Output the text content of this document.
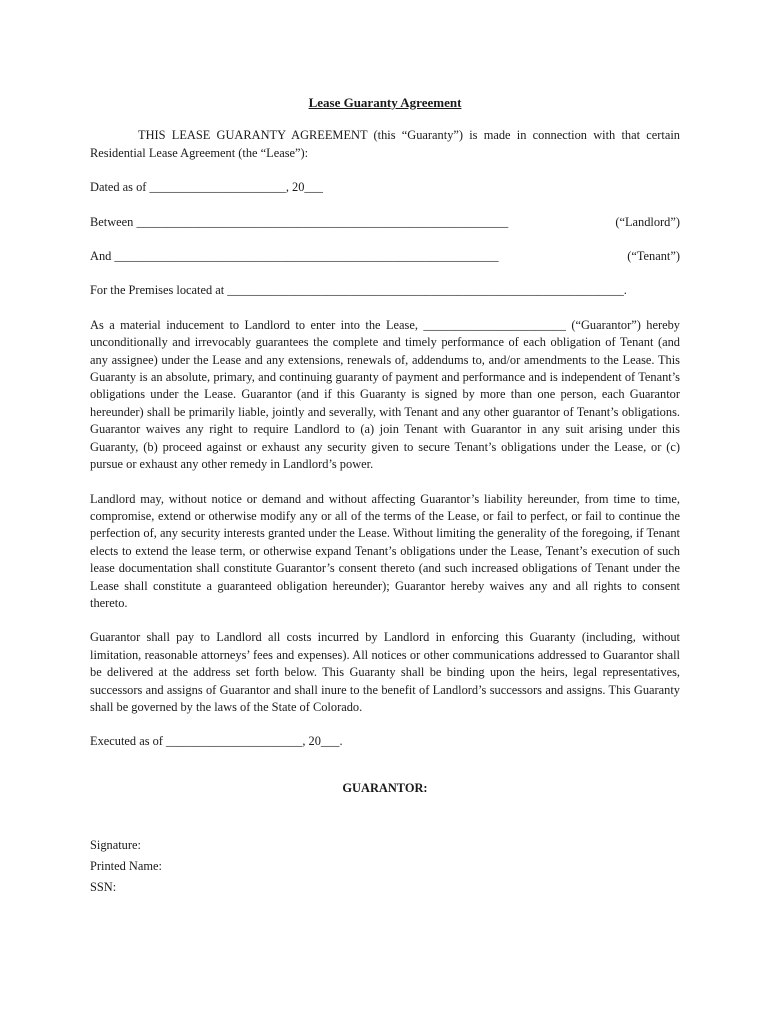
Lease Guaranty Agreement

THIS LEASE GUARANTY AGREEMENT (this “Guaranty”) is made in connection with that certain Residential Lease Agreement (the “Lease”):

Dated as of ______________________, 20___

Between ____________________________________________________________	(“Landlord”)
And ______________________________________________________________	(“Tenant”)

For the Premises located at ________________________________________________________________.

As a material inducement to Landlord to enter into the Lease, _______________________ (“Guarantor”) hereby unconditionally and irrevocably guarantees the complete and timely performance of each obligation of Tenant (and any assignee) under the Lease and any extensions, renewals of, addendums to, and/or amendments to the Lease. This Guaranty is an absolute, primary, and continuing guaranty of payment and performance and is independent of Tenant’s obligations under the Lease. Guarantor (and if this Guaranty is signed by more than one person, each Guarantor hereunder) shall be primarily liable, jointly and severally, with Tenant and any other guarantor of Tenant’s obligations. Guarantor waives any right to require Landlord to (a) join Tenant with Guarantor in any suit arising under this Guaranty, (b) proceed against or exhaust any security given to secure Tenant’s obligations under the Lease, or (c) pursue or exhaust any other remedy in Landlord’s power.

Landlord may, without notice or demand and without affecting Guarantor’s liability hereunder, from time to time, compromise, extend or otherwise modify any or all of the terms of the Lease, or fail to perfect, or fail to continue the perfection of, any security interests granted under the Lease. Without limiting the generality of the foregoing, if Tenant elects to extend the lease term, or otherwise expand Tenant’s obligations under the Lease, Tenant’s execution of such lease documentation shall constitute Guarantor’s consent thereto (and such increased obligations of Tenant under the Lease shall constitute a guaranteed obligation hereunder); Guarantor hereby waives any and all rights to consent thereto.

Guarantor shall pay to Landlord all costs incurred by Landlord in enforcing this Guaranty (including, without limitation, reasonable attorneys’ fees and expenses). All notices or other communications addressed to Guarantor shall be delivered at the address set forth below. This Guaranty shall be binding upon the heirs, legal representatives, successors and assigns of Guarantor and shall inure to the benefit of Landlord’s successors and assigns. This Guaranty shall be governed by the laws of the State of Colorado.

Executed as of ______________________, 20___.

GUARANTOR:

Signature:

Printed Name:

SSN:
